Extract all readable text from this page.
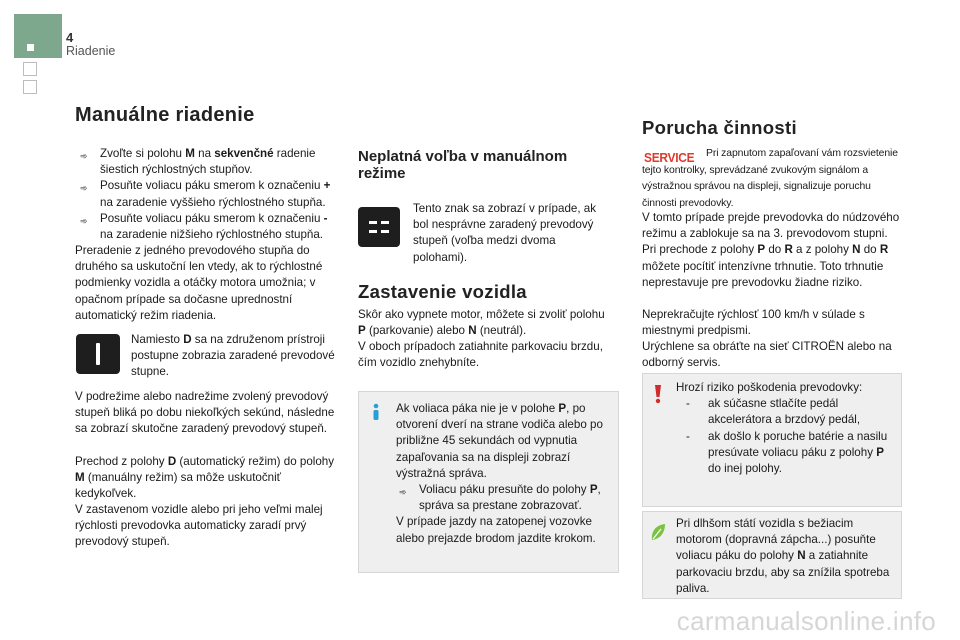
4
Riadenie
Manuálne riadenie
➾	Zvoľte si polohu M na sekvenčné radenie šiestich rýchlostných stupňov.
➾	Posuňte voliacu páku smerom k označeniu + na zaradenie vyššieho rýchlostného stupňa.
➾	Posuňte voliacu páku smerom k označeniu - na zaradenie nižšieho rýchlostného stupňa.

Preradenie z jedného prevodového stupňa do druhého sa uskutoční len vtedy, ak to rýchlostné podmienky vozidla a otáčky motora umožnia; v opačnom prípade sa dočasne uprednostní automatický režim riadenia.

Namiesto D sa na združenom prístroji postupne zobrazia zaradené prevodové stupne.

V podrežime alebo nadrežime zvolený prevodový stupeň bliká po dobu niekoľkých sekúnd, následne sa zobrazí skutočne zaradený prevodový stupeň.

Prechod z polohy D (automatický režim) do polohy M (manuálny režim) sa môže uskutočniť kedykoľvek.

V zastavenom vozidle alebo pri jeho veľmi malej rýchlosti prevodovka automaticky zaradí prvý prevodový stupeň.

Neplatná voľba v manuálnom režime

Tento znak sa zobrazí v prípade, ak bol nesprávne zaradený prevodový stupeň (voľba medzi dvoma polohami).

Zastavenie vozidla

Skôr ako vypnete motor, môžete si zvoliť polohu P (parkovanie) alebo N (neutrál).

V oboch prípadoch zatiahnite parkovaciu brzdu, čím vozidlo znehybníte.

Ak voliaca páka nie je v polohe P, po otvorení dverí na strane vodiča alebo po približne 45 sekundách od vypnutia zapaľovania sa na displeji zobrazí výstražná správa.

➾	Voliacu páku presuňte do polohy P, správa sa prestane zobrazovať.

V prípade jazdy na zatopenej vozovke alebo prejazde brodom jazdite krokom.

Porucha činnosti
SERVICE	Pri zapnutom zapaľovaní vám rozsvietenie tejto kontrolky, sprevádzané zvukovým signálom a výstražnou správou na displeji, signalizuje poruchu činnosti prevodovky.

V tomto prípade prejde prevodovka do núdzového režimu a zablokuje sa na 3. prevodovom stupni. Pri prechode z polohy P do R a z polohy N do R môžete pocítiť intenzívne trhnutie. Toto trhnutie neprestavuje pre prevodovku žiadne riziko.

Neprekračujte rýchlosť 100 km/h v súlade s miestnymi predpismi.

Urýchlene sa obráťte na sieť CITROËN alebo na odborný servis.

Hrozí riziko poškodenia prevodovky:

-	ak súčasne stlačíte pedál akcelerátora a brzdový pedál,
-	ak došlo k poruche batérie a nasilu presúvate voliacu páku z polohy P do inej polohy.

Pri dlhšom státí vozidla s bežiacim motorom (dopravná zápcha...) posuňte voliacu páku do polohy N a zatiahnite parkovaciu brzdu, aby sa znížila spotreba paliva.

carmanualsonline.info
